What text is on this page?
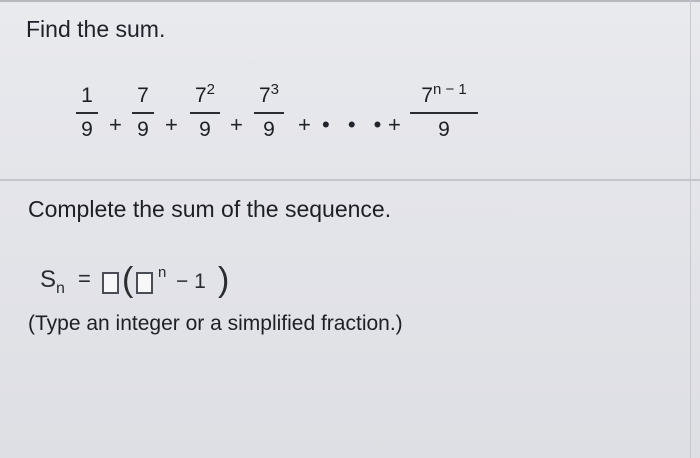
Find the sum.
1
9 +
7
9 +
$7^2$
9 +
$7^3$
9	+ • • • +
$7^{n - 1}$
9
Complete the sum of the sequence.
$S_n$ = ( n − 1 )
(Type an integer or a simplified fraction.)
